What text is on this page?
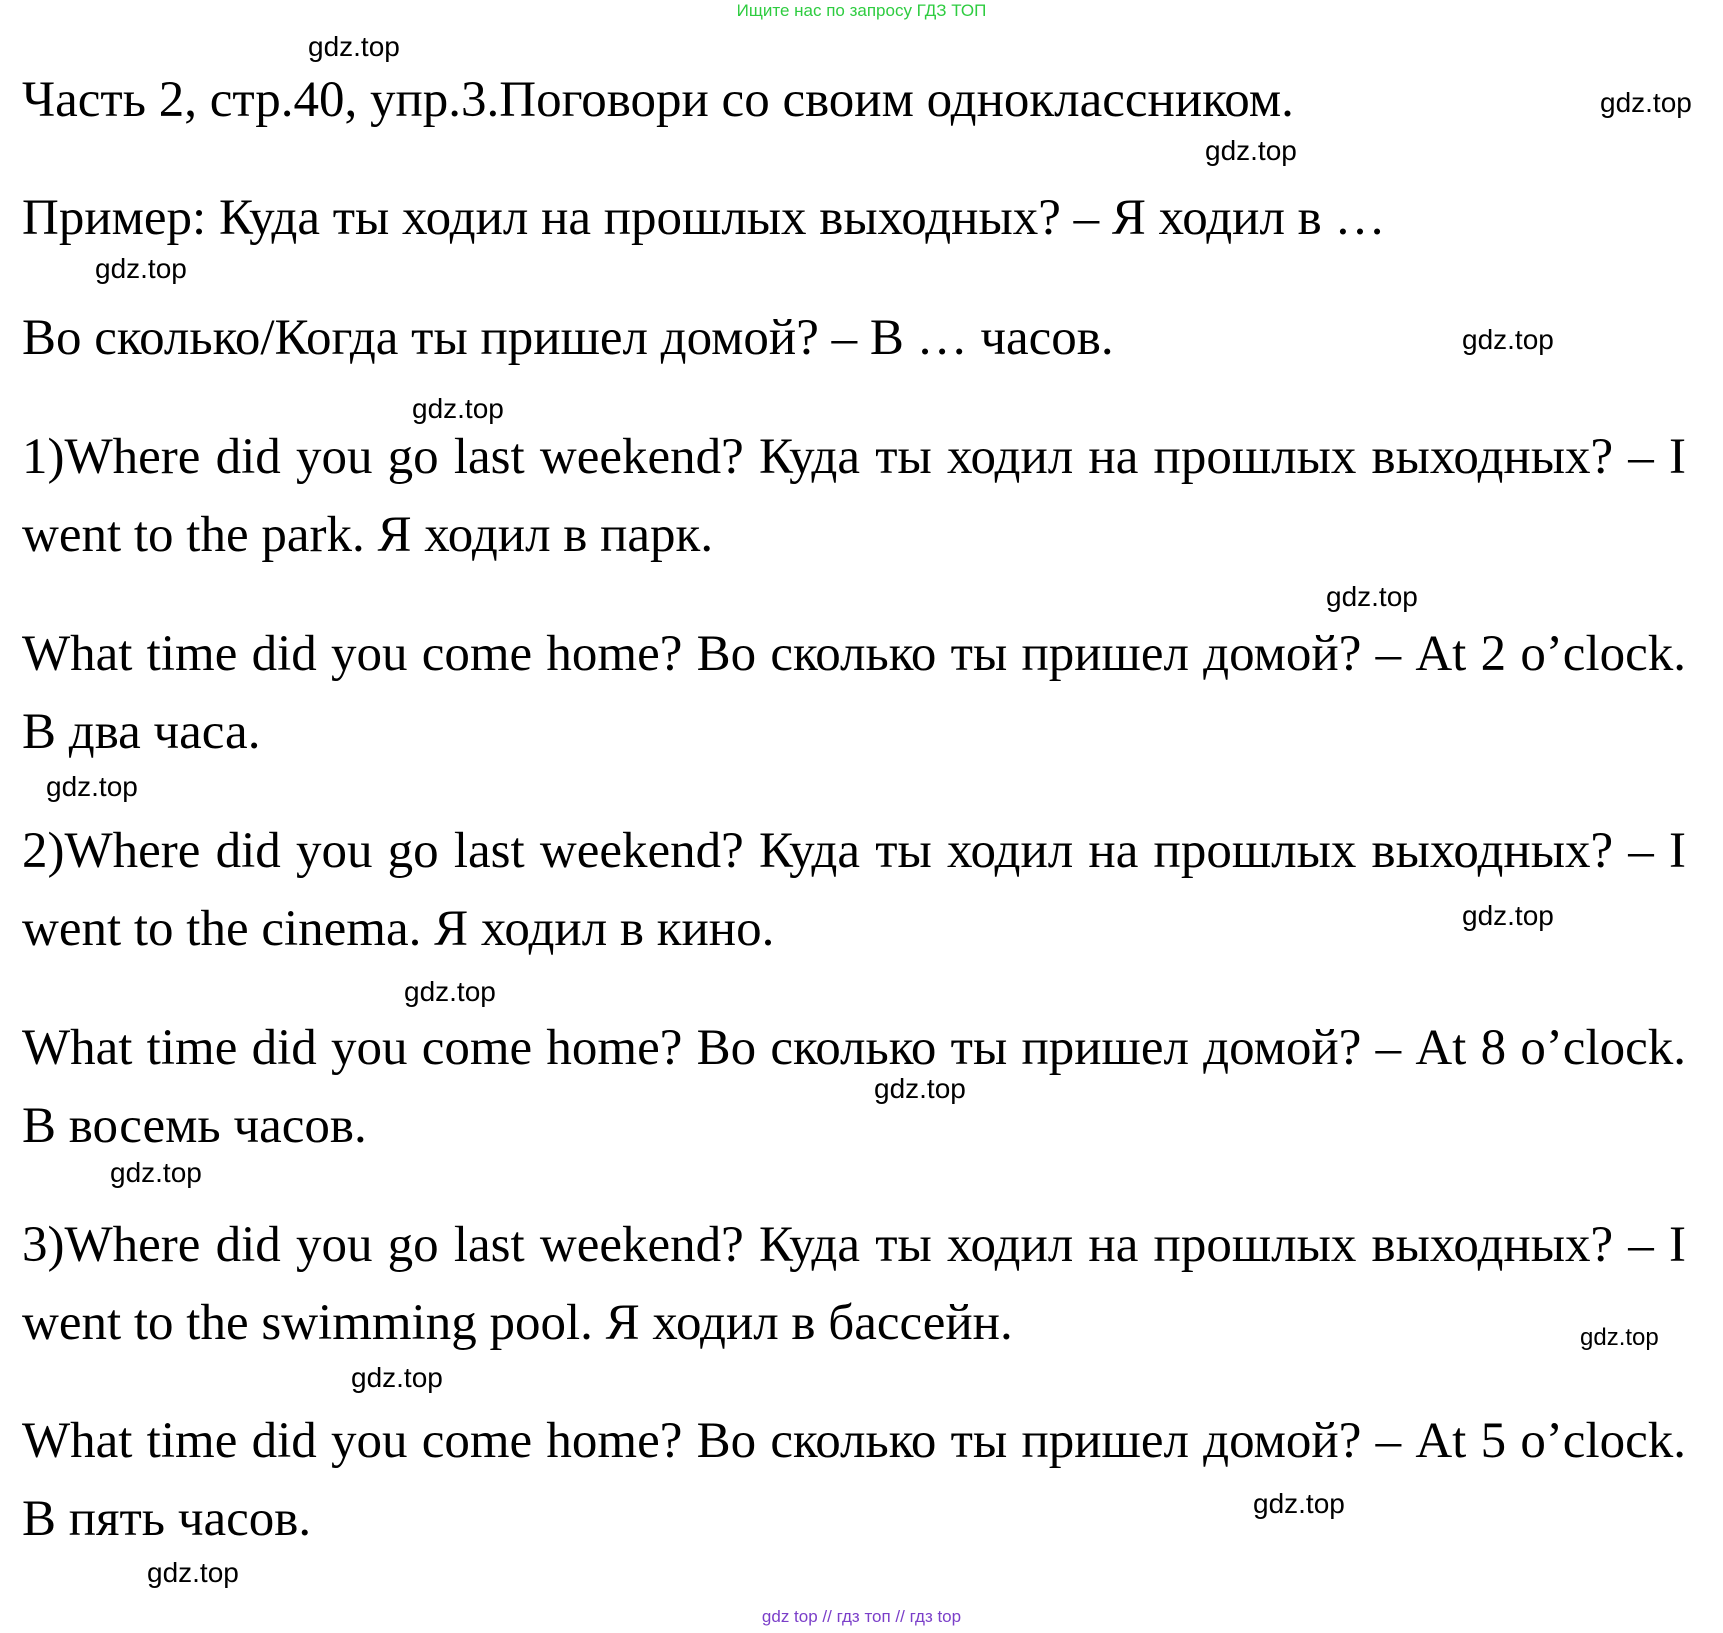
Ищите нас по запросу ГДЗ ТОП
gdz.top

Часть 2, стр.40, упр.3.Поговори со своим одноклассником.	gdz.top
gdz.top

Пример: Куда ты ходил на прошлых выходных? – Я ходил в …

gdz.top

Во сколько/Когда ты пришел домой? – В … часов.	gdz.top
gdz.top

1)Where did you go last weekend? Куда ты ходил на прошлых выходных? – I went to the park. Я ходил в парк.

gdz.top

What time did you come home? Во сколько ты пришел домой? – At 2 o’clock. В два часа.

gdz.top

2)Where did you go last weekend? Куда ты ходил на прошлых выходных? – I went to the cinema. Я ходил в кино.	gdz.top
gdz.top

What time did you come home? Во сколько ты пришел домой? – At 8 o’clock. В восемь часов.

gdz.top
gdz.top

3)Where did you go last weekend? Куда ты ходил на прошлых выходных? – I went to the swimming pool. Я ходил в бассейн.	gdz.top
gdz.top

What time did you come home? Во сколько ты пришел домой? – At 5 o’clock. В пять часов.	gdz.top
gdz.top
gdz top // гдз топ // гдз top
